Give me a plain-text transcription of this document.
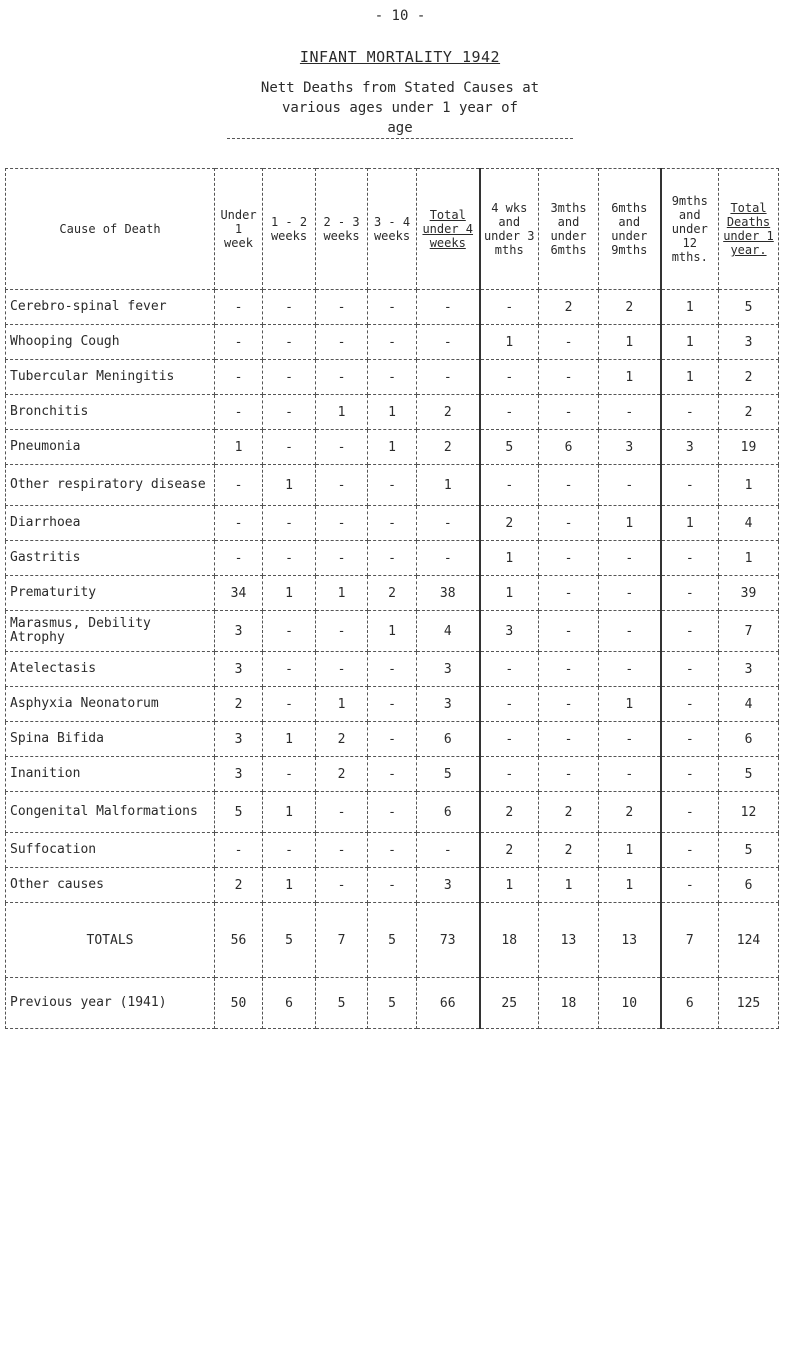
- 10 -
INFANT MORTALITY 1942
Nett Deaths from Stated Causes at
various ages under 1 year of
age
Cause of Death	Under 1 week	1 - 2 weeks	2 - 3 weeks	3 - 4 weeks	Total under 4 weeks	4 wks and under 3 mths	3mths and under 6mths	6mths and under 9mths	9mths and under 12 mths.	Total Deaths under 1 year.
Cerebro-spinal fever	-	-	-	-	-	-	2	2	1	5
Whooping Cough	-	-	-	-	-	1	-	1	1	3
Tubercular Meningitis	-	-	-	-	-	-	-	1	1	2
Bronchitis	-	-	1	1	2	-	-	-	-	2
Pneumonia	1	-	-	1	2	5	6	3	3	19
Other respiratory disease	-	1	-	-	1	-	-	-	-	1
Diarrhoea	-	-	-	-	-	2	-	1	1	4
Gastritis	-	-	-	-	-	1	-	-	-	1
Prematurity	34	1	1	2	38	1	-	-	-	39
Marasmus, Debility Atrophy	3	-	-	1	4	3	-	-	-	7
Atelectasis	3	-	-	-	3	-	-	-	-	3
Asphyxia Neonatorum	2	-	1	-	3	-	-	1	-	4
Spina Bifida	3	1	2	-	6	-	-	-	-	6
Inanition	3	-	2	-	5	-	-	-	-	5
Congenital Malformations	5	1	-	-	6	2	2	2	-	12
Suffocation	-	-	-	-	-	2	2	1	-	5
Other causes	2	1	-	-	3	1	1	1	-	6
TOTALS	56	5	7	5	73	18	13	13	7	124
Previous year (1941)	50	6	5	5	66	25	18	10	6	125
